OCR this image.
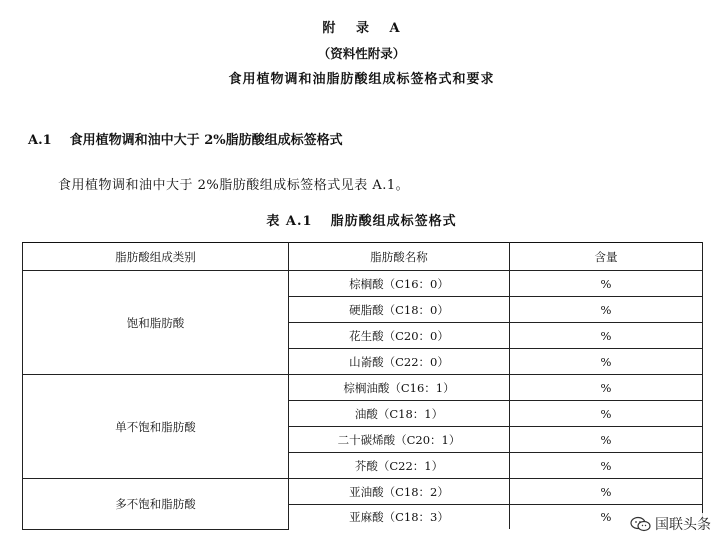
附 录 A
（资料性附录）
食用植物调和油脂肪酸组成标签格式和要求
A.1 食用植物调和油中大于 2%脂肪酸组成标签格式
食用植物调和油中大于 2%脂肪酸组成标签格式见表 A.1。
表 A.1 脂肪酸组成标签格式
脂肪酸组成类别	脂肪酸名称	含量
饱和脂肪酸	棕榈酸（C16：0）	%
	硬脂酸（C18：0）	%
	花生酸（C20：0）	%
	山嵛酸（C22：0）	%
单不饱和脂肪酸	棕榈油酸（C16：1）	%
	油酸（C18：1）	%
	二十碳烯酸（C20：1）	%
	芥酸（C22：1）	%
多不饱和脂肪酸	亚油酸（C18：2）	%
	亚麻酸（C18：3）	%	国联头条
